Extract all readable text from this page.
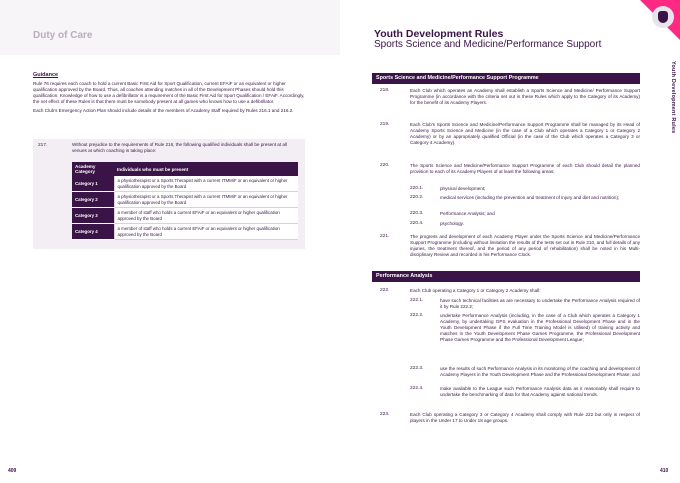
Duty of Care
Guidance

Rule 76 requires each coach to hold a current Basic First Aid for Sport Qualification, current EFAiF or an equivalent or higher qualification approved by the Board. Thus, all coaches attending matches in all of the Development Phases should hold this qualification. Knowledge of how to use a defibrillator is a requirement of the Basic First Aid for Sport Qualification / EFAiF. Accordingly, the net effect of these Rules is that there must be somebody present at all games who knows how to use a defibrillator.

Each Club's Emergency Action Plan should include details of the members of Academy Staff required by Rules 216.1 and 216.2.

217.	Without prejudice to the requirements of Rule 216, the following qualified individuals shall be present at all venues at which coaching is taking place:
Academy Category	Individuals who must be present
Category 1	a physiotherapist or a Sports Therapist with a current ITMMiF or an equivalent or higher qualification approved by the Board
Category 2	a physiotherapist or a Sports Therapist with a current ITMMiF or an equivalent or higher qualification approved by the Board
Category 3	a member of staff who holds a current EFAiF or an equivalent or higher qualification approved by the Board
Category 4	a member of staff who holds a current EFAiF or an equivalent or higher qualification approved by the Board
409
Youth Development Rules
Sports Science and Medicine/Performance Support
Youth Development Rules
410
Sports Science and Medicine/Performance Support Programme
218.	Each Club which operates an Academy shall establish a Sports Science and Medicine/ Performance Support Programme (in accordance with the criteria set out in these Rules which apply to the Category of its Academy) for the benefit of its Academy Players.
219.	Each Club's Sports Science and Medicine/Performance Support Programme shall be managed by its Head of Academy Sports Science and Medicine (in the case of a Club which operates a Category 1 or Category 2 Academy) or by an appropriately qualified Official (in the case of the Club which operates a Category 3 or Category 4 Academy).
220.	The Sports Science and Medicine/Performance Support Programme of each Club should detail the planned provision to each of its Academy Players of at least the following areas;
220.1.	physical development;
220.2.	medical services (including the prevention and treatment of injury and diet and nutrition);
220.3.	Performance Analysis; and
220.4.	psychology.
221.	The progress and development of each Academy Player under the Sports Science and Medicine/Performance Support Programme (including without limitation the results of the tests set out in Rule 210, and full details of any injuries, the treatment thereof, and the period of any period of rehabilitation) shall be noted in his Multi-disciplinary Review and recorded in his Performance Clock.
Performance Analysis
222.	Each Club operating a Category 1 or Category 2 Academy shall:
222.1.	have such technical facilities as are necessary to undertake the Performance Analysis required of it by Rule 222.2;
222.2.	undertake Performance Analysis (including, in the case of a Club which operates a Category 1 Academy, by undertaking GPS evaluation in the Professional Development Phase and in the Youth Development Phase if the Full Time Training Model is utilised) of training activity and matches in the Youth Development Phase Games Programme, the Professional Development Phase Games Programme and the Professional Development League;
222.3.	use the results of such Performance Analysis in its monitoring of the coaching and development of Academy Players in the Youth Development Phase and the Professional Development Phase; and
222.4.	make available to the League such Performance Analysis data as it reasonably shall require to undertake the benchmarking of data for that Academy against national trends.
223.	Each Club operating a Category 3 or Category 4 Academy shall comply with Rule 222 but only in respect of players in the Under 17 to Under 18 age groups.
